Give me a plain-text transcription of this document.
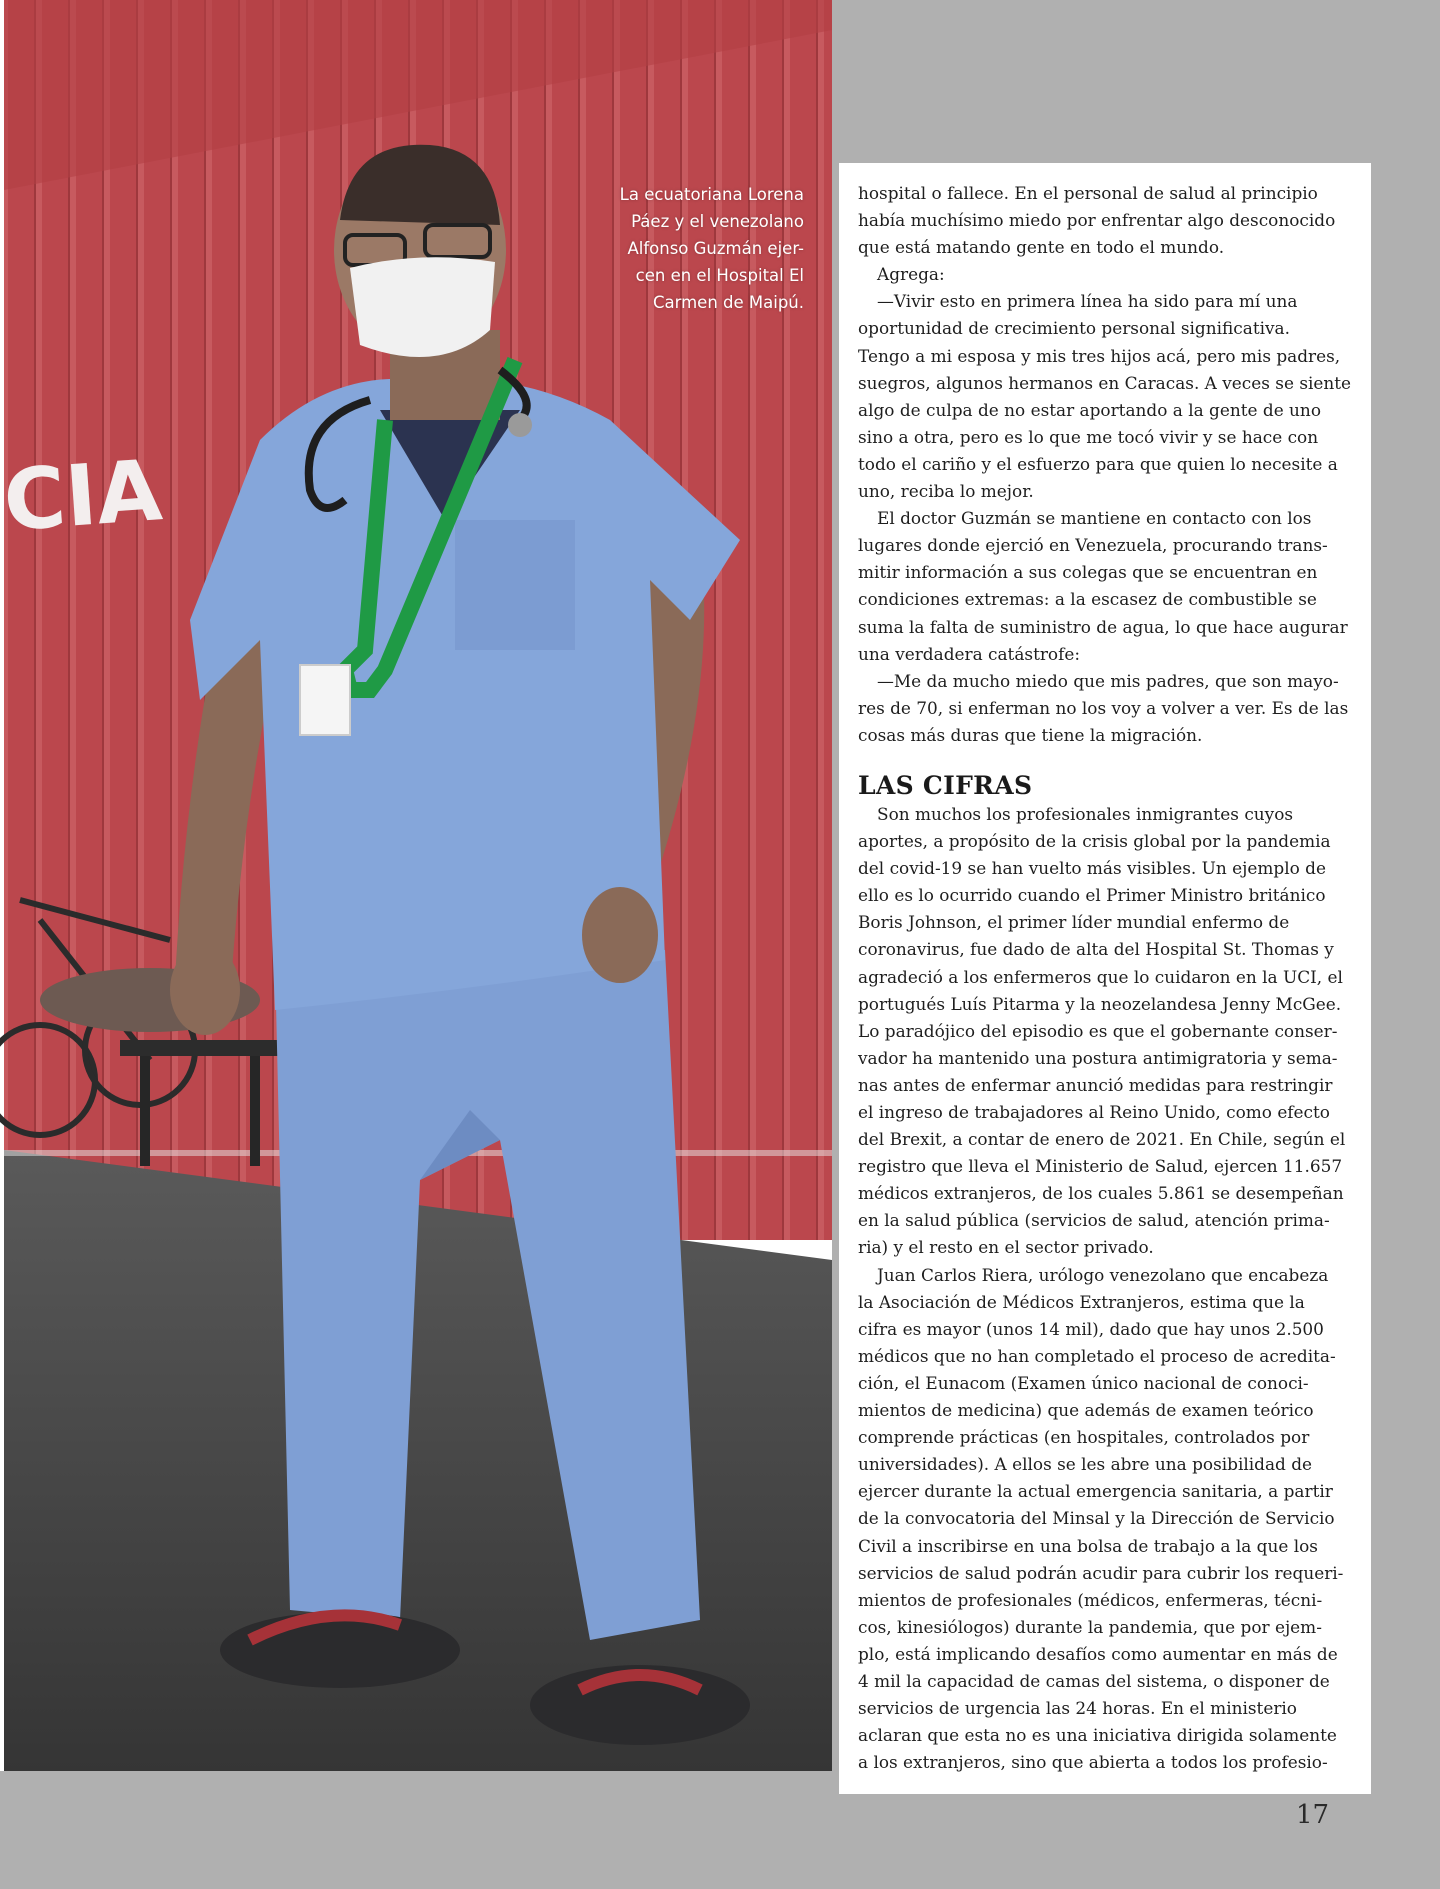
CIA
La ecuatoriana Lorena
Páez y el venezolano
Alfonso Guzmán ejer-
cen en el Hospital El
Carmen de Maipú.

hospital o fallece. En el personal de salud al principio
había muchísimo miedo por enfrentar algo desconocido
que está matando gente en todo el mundo.

Agrega:

—Vivir esto en primera línea ha sido para mí una
oportunidad de crecimiento personal significativa.
Tengo a mi esposa y mis tres hijos acá, pero mis padres,
suegros, algunos hermanos en Caracas. A veces se siente
algo de culpa de no estar aportando a la gente de uno
sino a otra, pero es lo que me tocó vivir y se hace con
todo el cariño y el esfuerzo para que quien lo necesite a
uno, reciba lo mejor.

El doctor Guzmán se mantiene en contacto con los
lugares donde ejerció en Venezuela, procurando trans-
mitir información a sus colegas que se encuentran en
condiciones extremas: a la escasez de combustible se
suma la falta de suministro de agua, lo que hace augurar
una verdadera catástrofe:

—Me da mucho miedo que mis padres, que son mayo-
res de 70, si enferman no los voy a volver a ver. Es de las
cosas más duras que tiene la migración.

LAS CIFRAS

Son muchos los profesionales inmigrantes cuyos
aportes, a propósito de la crisis global por la pandemia
del covid-19 se han vuelto más visibles. Un ejemplo de
ello es lo ocurrido cuando el Primer Ministro británico
Boris Johnson, el primer líder mundial enfermo de
coronavirus, fue dado de alta del Hospital St. Thomas y
agradeció a los enfermeros que lo cuidaron en la UCI, el
portugués Luís Pitarma y la neozelandesa Jenny McGee.
Lo paradójico del episodio es que el gobernante conser-
vador ha mantenido una postura antimigratoria y sema-
nas antes de enfermar anunció medidas para restringir
el ingreso de trabajadores al Reino Unido, como efecto
del Brexit, a contar de enero de 2021. En Chile, según el
registro que lleva el Ministerio de Salud, ejercen 11.657
médicos extranjeros, de los cuales 5.861 se desempeñan
en la salud pública (servicios de salud, atención prima-
ria) y el resto en el sector privado.

Juan Carlos Riera, urólogo venezolano que encabeza
la Asociación de Médicos Extranjeros, estima que la
cifra es mayor (unos 14 mil), dado que hay unos 2.500
médicos que no han completado el proceso de acredita-
ción, el Eunacom (Examen único nacional de conoci-
mientos de medicina) que además de examen teórico
comprende prácticas (en hospitales, controlados por
universidades). A ellos se les abre una posibilidad de
ejercer durante la actual emergencia sanitaria, a partir
de la convocatoria del Minsal y la Dirección de Servicio
Civil a inscribirse en una bolsa de trabajo a la que los
servicios de salud podrán acudir para cubrir los requeri-
mientos de profesionales (médicos, enfermeras, técni-
cos, kinesiólogos) durante la pandemia, que por ejem-
plo, está implicando desafíos como aumentar en más de
4 mil la capacidad de camas del sistema, o disponer de
servicios de urgencia las 24 horas. En el ministerio
aclaran que esta no es una iniciativa dirigida solamente
a los extranjeros, sino que abierta a todos los profesio-

17
